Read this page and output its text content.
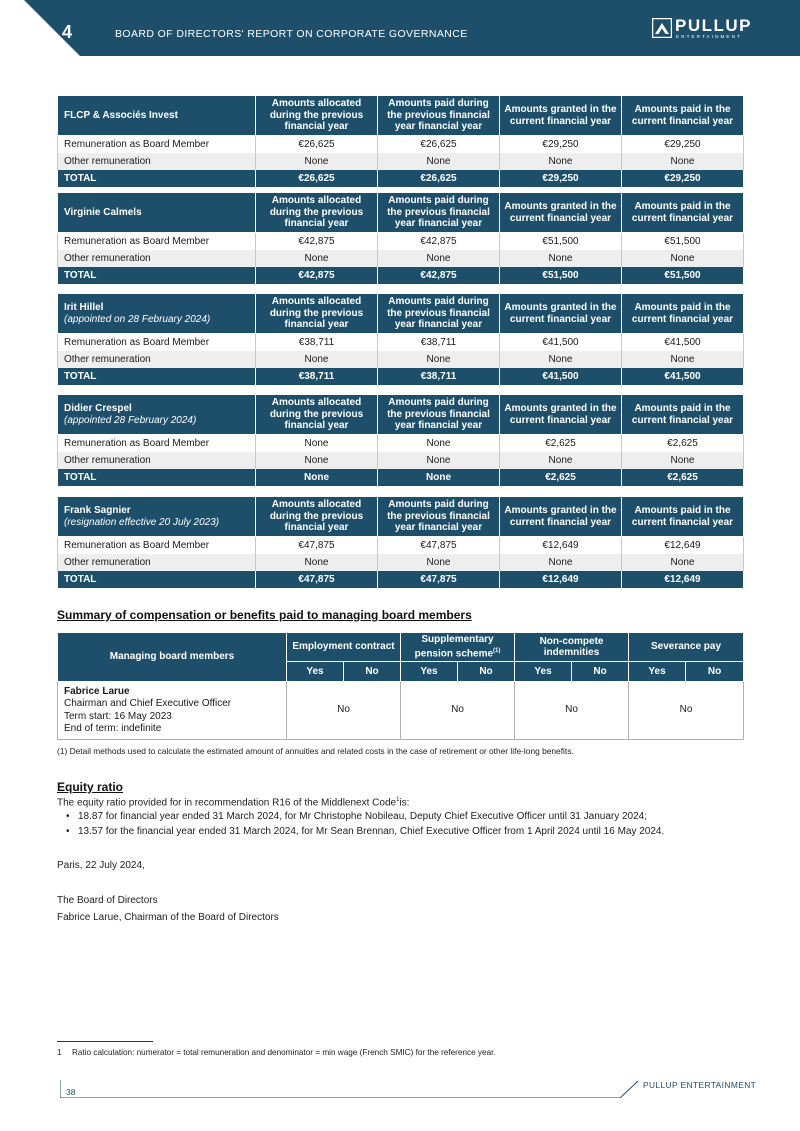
4	BOARD OF DIRECTORS' REPORT ON CORPORATE GOVERNANCE	PULLUP
ENTERTAINMENT
FLCP & Associés Invest	Amounts allocated during the previous financial year	Amounts paid during the previous financial year financial year	Amounts granted in the current financial year	Amounts paid in the current financial year
Remuneration as Board Member	€26,625	€26,625	€29,250	€29,250
Other remuneration	None	None	None	None
TOTAL	€26,625	€26,625	€29,250	€29,250
Virginie Calmels	Amounts allocated during the previous financial year	Amounts paid during the previous financial year financial year	Amounts granted in the current financial year	Amounts paid in the current financial year
Remuneration as Board Member	€42,875	€42,875	€51,500	€51,500
Other remuneration	None	None	None	None
TOTAL	€42,875	€42,875	€51,500	€51,500
Irit Hillel
(appointed on 28 February 2024)	Amounts allocated during the previous financial year	Amounts paid during the previous financial year financial year	Amounts granted in the current financial year	Amounts paid in the current financial year
Remuneration as Board Member	€38,711	€38,711	€41,500	€41,500
Other remuneration	None	None	None	None
TOTAL	€38,711	€38,711	€41,500	€41,500
Didier Crespel
(appointed 28 February 2024)	Amounts allocated during the previous financial year	Amounts paid during the previous financial year financial year	Amounts granted in the current financial year	Amounts paid in the current financial year
Remuneration as Board Member	None	None	€2,625	€2,625
Other remuneration	None	None	None	None
TOTAL	None	None	€2,625	€2,625
Frank Sagnier
(resignation effective 20 July 2023)	Amounts allocated during the previous financial year	Amounts paid during the previous financial year financial year	Amounts granted in the current financial year	Amounts paid in the current financial year
Remuneration as Board Member	€47,875	€47,875	€12,649	€12,649
Other remuneration	None	None	None	None
TOTAL	€47,875	€47,875	€12,649	€12,649
Summary of compensation or benefits paid to managing board members
Managing board members	Employment contract		Supplementary pension scheme$^{(1)}$		Non-compete indemnities		Severance pay	
	Yes	No	Yes	No	Yes	No	Yes	No

Fabrice Larue
Chairman and Chief Executive Officer
Term start: 16 May 2023
End of term: indefinite	No		No		No		No	
(1) Detail methods used to calculate the estimated amount of annuities and related costs in the case of retirement or other life-long benefits.
Equity ratio
The equity ratio provided for in recommendation R16 of the Middlenext Code$^1$is:
• 18.87 for financial year ended 31 March 2024, for Mr Christophe Nobileau, Deputy Chief Executive Officer until 31 January 2024;
• 13.57 for the financial year ended 31 March 2024, for Mr Sean Brennan, Chief Executive Officer from 1 April 2024 until 16 May 2024.
Paris, 22 July 2024,
The Board of Directors
Fabrice Larue, Chairman of the Board of Directors
1 Ratio calculation: numerator = total remuneration and denominator = min wage (French SMIC) for the reference year.
38
PULLUP ENTERTAINMENT
